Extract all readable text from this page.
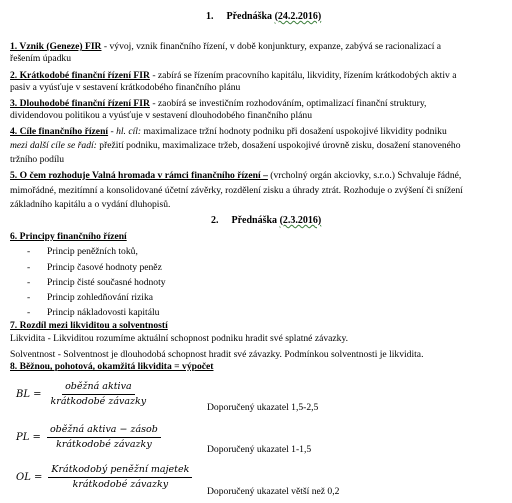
1. Přednáška (24.2.2016)
1. Vznik (Geneze) FIR - vývoj, vznik finančního řízení, v době konjunktury, expanze, zabývá se racionalizací a
řešením úpadku
2. Krátkodobé finanční řízení FIR - zabírá se řízením pracovního kapitálu, likvidity, řízením krátkodobých aktiv a
pasiv a vyúsťuje v sestavení krátkodobého finančního plánu
3. Dlouhodobé finanční řízení FIR - zaobírá se investičním rozhodováním, optimalizací finanční struktury,
dividendovou politikou a vyúsťuje v sestavení dlouhodobého finančního plánu
4. Cíle finančního řízení - hl. cíl: maximalizace tržní hodnoty podniku při dosažení uspokojivé likvidity podniku
mezi další cíle se řadí: přežití podniku, maximalizace tržeb, dosažení uspokojivé úrovně zisku, dosažení stanoveného
tržního podílu
5. O čem rozhoduje Valná hromada v rámci finančního řízení – (vrcholný orgán akciovky, s.r.o.) Schvaluje řádné,
mimořádné, mezitímní a konsolidované účetní závěrky, rozdělení zisku a úhrady ztrát. Rozhoduje o zvýšení či snížení
základního kapitálu a o vydání dluhopisů.
2. Přednáška (2.3.2016)
6. Principy finančního řízení
- Princip peněžních toků,
- Princip časové hodnoty peněz
- Princip čisté současné hodnoty
- Princip zohledňování rizika
- Princip nákladovosti kapitálu
7. Rozdíl mezi likviditou a solventností
Likvidita - Likviditou rozumíme aktuální schopnost podniku hradit své splatné závazky.
Solventnost - Solventnost je dlouhodobá schopnost hradit své závazky. Podmínkou solventnosti je likvidita.
8. Běžnou, pohotová, okamžitá likvidita = výpočet
BL = $\frac{\text{oběžná aktiva}}{\text{krátkodobé závazky}}$	Doporučený ukazatel 1,5-2,5
PL = $\frac{\text{oběžná aktiva − zásob}}{\text{krátkodobé závazky}}$	Doporučený ukazatel 1-1,5
OL = $\frac{\text{Krátkodobý peněžní majetek}}{\text{krátkodobé závazky}}$
Doporučený ukazatel větší než 0,2
